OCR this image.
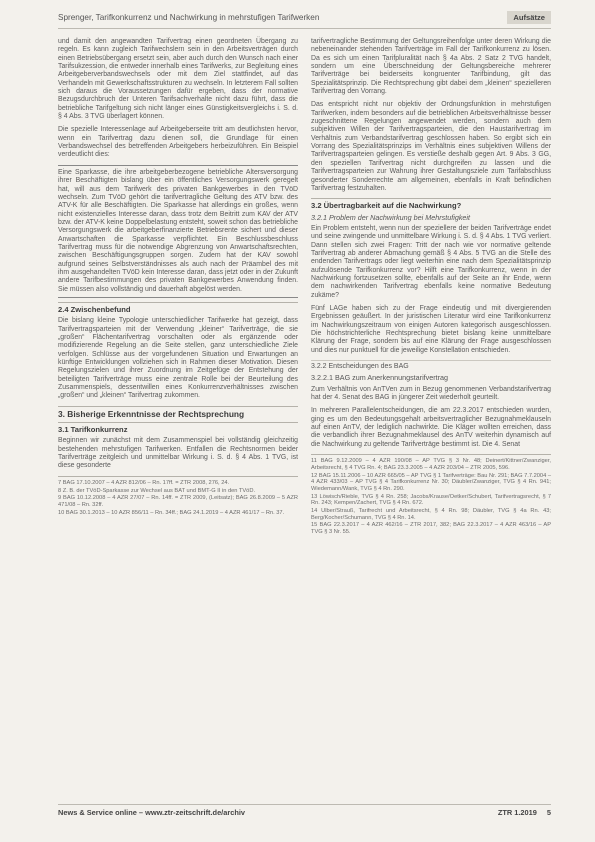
Sprenger, Tarifkonkurrenz und Nachwirkung in mehrstufigen Tarifwerken	Aufsätze

und damit den angewandten Tarifvertrag einen geordneten Übergang zu regeln. Es kann zugleich Tarifwechslern sein in den Arbeitsverträgen durch einen Betriebsübergang ersetzt sein, aber auch durch den Wunsch nach einer Tarifsukzession, die entweder innerhalb eines Tarifwerks, zur Begleitung eines Arbeitgeberverbandswechsels oder mit dem Ziel stattfindet, auf das Verhandeln mit Gewerkschaftsstrukturen zu wechseln. In letzterem Fall sollten sich daraus die Voraussetzungen dafür ergeben, dass der normative Bezugsdurchbruch der Unteren Tarifsachverhalte nicht dazu führt, dass die betriebliche Tarifgeltung sich nicht länger eines Günstigkeitsvergleichs i. S. d. § 4 Abs. 3 TVG überlagert können.

Die spezielle Interessenlage auf Arbeitgeberseite tritt am deutlichsten hervor, wenn ein Tarifvertrag dazu dienen soll, die Grundlage für einen Verbandswechsel des betreffenden Arbeitgebers herbeizuführen. Ein Beispiel verdeutlicht dies:

Eine Sparkasse, die ihre arbeitgeberbezogene betriebliche Altersversorgung ihrer Beschäftigten bislang über ein öffentliches Versorgungswerk geregelt hat, will aus dem Tarifwerk des privaten Bankgewerbes in den TVöD wechseln. Zum TVöD gehört die tarifvertragliche Geltung des ATV bzw. des ATV-K für alle Beschäftigten. Die Sparkasse hat allerdings ein großes, wenn nicht existenzielles Interesse daran, dass trotz dem Beitritt zum KAV der ATV bzw. der ATV-K keine Doppelbelastung entsteht, soweit schon das betriebliche Versorgungswerk die arbeitgeberfinanzierte Betriebsrente sichert und dieser Anwartschaften die Sparkasse verpflichtet. Ein Beschlussbeschluss Tarifvertrag muss für die notwendige Abgrenzung von Anwartschaftsrechten, zwischen Beschäftigungsgruppen sorgen. Zudem hat der KAV sowohl aufgrund seines Selbstverständnisses als auch nach der Präambel des mit ihm ausgehandelten TVöD kein Interesse daran, dass jetzt oder in der Zukunft andere Tarifbestimmungen des privaten Bankgewerbes Anwendung finden. Sie müssen also vollständig und dauerhaft abgelöst werden.

2.4 Zwischenbefund

Die bislang kleine Typologie unterschiedlicher Tarifwerke hat gezeigt, dass Tarifvertragsparteien mit der Verwendung „kleiner“ Tarifverträge, die sie „großen“ Flächentarifvertrag vorschalten oder als ergänzende oder modifizierende Regelung an die Seite stellen, ganz unterschiedliche Ziele verfolgen. Schlüsse aus der vorgefundenen Situation und Erwartungen an künftige Entwicklungen vollziehen sich in Rahmen dieser Motivation. Diesen Regelungszielen und ihrer Zuordnung im Zeitgefüge der Entstehung der beteiligten Tarifverträge muss eine zentrale Rolle bei der Beurteilung des Zusammenspiels, dessentwillen eines Konkurrenzverhältnisses zwischen „großen“ und „kleinen“ Tarifvertrag zukommen.

3. Bisherige Erkenntnisse der Rechtsprechung
3.1 Tarifkonkurrenz

Beginnen wir zunächst mit dem Zusammenspiel bei vollständig gleichzeitig bestehenden mehrstufigen Tarifwerken. Entfallen die Rechtsnormen beider Tarifverträge zeitgleich und unmittelbar Wirkung i. S. d. § 4 Abs. 1 TVG, ist diese gesonderte

7 BAG 17.10.2007 – 4 AZR 812/06 – Rn. 17ff. = ZTR 2008, 276, 24.

8 Z. B. der TVöD-Sparkasse zur Wechsel aus BAT und BMT-G II in den TVöD.

9 BAG 10.12.2008 – 4 AZR 27/07 – Rn. 14ff. = ZTR 2009, (Leitsatz); BAG 26.8.2009 – 5 AZR 471/08 – Rn. 32ff.

10 BAG 30.1.2013 – 10 AZR 856/11 – Rn. 34ff.; BAG 24.1.2019 – 4 AZR 461/17 – Rn. 37.

tarifvertragliche Bestimmung der Geltungsreihenfolge unter deren Wirkung die nebeneinander stehenden Tarifverträge im Fall der Tarifkonkurrenz zu lösen. Da es sich um einen Tarifpluralität nach § 4a Abs. 2 Satz 2 TVG handelt, sondern um eine Überschneidung der Geltungsbereiche mehrerer Tarifverträge bei beiderseits kongruenter Tarifbindung, gilt das Spezialitätsprinzip. Die Rechtsprechung gibt dabei dem „kleinen“ spezielleren Tarifvertrag den Vorrang.

Das entspricht nicht nur objektiv der Ordnungsfunktion in mehrstufigen Tarifwerken, indem besonders auf die betrieblichen Arbeitsverhältnisse besser zugeschnittene Regelungen angewendet werden, sondern auch dem subjektiven Willen der Tarifvertragsparteien, die den Haustarifvertrag im Verhältnis zum Verbandstarifvertrag geschlossen haben. So ergibt sich ein Vorrang des Spezialitätsprinzips im Verhältnis eines subjektiven Willens der Tarifvertragsparteien gelingen. Es verstieße deshalb gegen Art. 9 Abs. 3 GG, den speziellen Tarifvertrag nicht durchgreifen zu lassen und die Tarifvertragsparteien zur Wahrung ihrer Gestaltungsziele zum Tarifabschluss gesonderter Sonderrechte am allgemeinen, ebenfalls in Kraft befindlichen Tarifvertrag festzuhalten.

3.2 Übertragbarkeit auf die Nachwirkung?
3.2.1 Problem der Nachwirkung bei Mehrstufigkeit

Ein Problem entsteht, wenn nun der speziellere der beiden Tarifverträge endet und seine zwingende und unmittelbare Wirkung i. S. d. § 4 Abs. 1 TVG verliert. Dann stellen sich zwei Fragen: Tritt der nach wie vor normative geltende Tarifvertrag ab anderer Abmachung gemäß § 4 Abs. 5 TVG an die Stelle des endenden Tarifvertrags oder liegt weiterhin eine nach dem Spezialitätsprinzip aufzulösende Tarifkonkurrenz vor? Hilft eine Tarifkonkurrenz, wenn in der Nachwirkung fortzusetzen sollte, ebenfalls auf der Seite an ihr Ende, wenn dem nachwirkenden Tarifvertrag ebenfalls keine normative Bedeutung zukäme?

Fünf LAGe haben sich zu der Frage eindeutig und mit divergierenden Ergebnissen geäußert. In der juristischen Literatur wird eine Tarifkonkurrenz im Nachwirkungszeitraum von einigen Autoren kategorisch ausgeschlossen. Die höchstrichterliche Rechtsprechung bietet bislang keine unmittelbare Klärung der Frage, sondern bis auf eine Klärung der Frage ausgeschlossen und dies nur punktuell für die jeweilige Konstellation entschieden.

3.2.2 Entscheidungen des BAG
3.2.2.1 BAG zum Anerkennungstarifvertrag

Zum Verhältnis von AnTVen zum in Bezug genommenen Verbandstarifvertrag hat der 4. Senat des BAG in jüngerer Zeit wiederholt geurteilt.

In mehreren Parallelentscheidungen, die am 22.3.2017 entschieden wurden, ging es um den Bedeutungsgehalt arbeitsvertraglicher Bezugnahmeklauseln auf einen AnTV, der lediglich nachwirkte. Die Kläger wollten erreichen, dass die verbandlich ihrer Bezugnahmeklausel des AnTV weiterhin dynamisch auf die Nachwirkung zu geltende Tarifverträge bestimmt ist. Die 4. Senat

11 BAG 9.12.2009 – 4 AZR 190/08 – AP TVG § 3 Nr. 48; Deinert/Kittner/Zwanziger, Arbeitsrecht, § 4 TVG Rn. 4; BAG 23.3.2005 – 4 AZR 203/04 – ZTR 2005, 596.

12 BAG 15.11.2006 – 10 AZR 665/05 – AP TVG § 1 Tarifverträge: Bau Nr. 291; BAG 7.7.2004 – 4 AZR 433/03 – AP TVG § 4 Tarifkonkurrenz Nr. 30; Däubler/Zwanziger, TVG § 4 Rn. 941; Wiedemann/Wank, TVG § 4 Rn. 290.

13 Löwisch/Rieble, TVG § 4 Rn. 258; Jacobs/Krause/Oetker/Schubert, Tarifvertragsrecht, § 7 Rn. 243; Kempen/Zachert, TVG § 4 Rn. 672.

14 Ulber/Strauß, Tarifrecht und Arbeitsrecht, § 4 Rn. 98; Däubler, TVG § 4a Rn. 43; Berg/Kocher/Schumann, TVG § 4 Rn. 14.

15 BAG 22.3.2017 – 4 AZR 462/16 – ZTR 2017, 382; BAG 22.3.2017 – 4 AZR 463/16 – AP TVG § 3 Nr. 55.

News & Service online – www.ztr-zeitschrift.de/archiv	ZTR 1.2019 5
